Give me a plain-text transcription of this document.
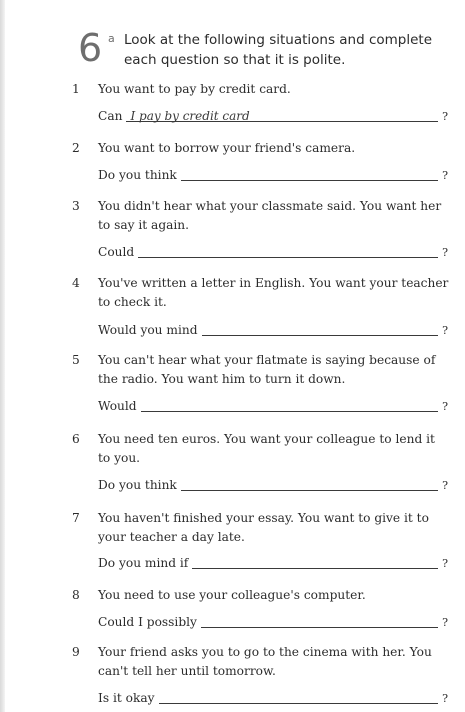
6 a Look at the following situations and complete each question so that it is polite.
1	You want to pay by credit card.
Can I pay by credit card	?
2	You want to borrow your friend's camera.
Do you think	?
3	You didn't hear what your classmate said. You want her to say it again.
Could	?
4	You've written a letter in English. You want your teacher to check it.
Would you mind	?
5	You can't hear what your flatmate is saying because of the radio. You want him to turn it down.
Would	?
6	You need ten euros. You want your colleague to lend it to you.
Do you think	?
7	You haven't finished your essay. You want to give it to your teacher a day late.
Do you mind if	?
8	You need to use your colleague's computer.
Could I possibly	?
9	Your friend asks you to go to the cinema with her. You can't tell her until tomorrow.
Is it okay	?
